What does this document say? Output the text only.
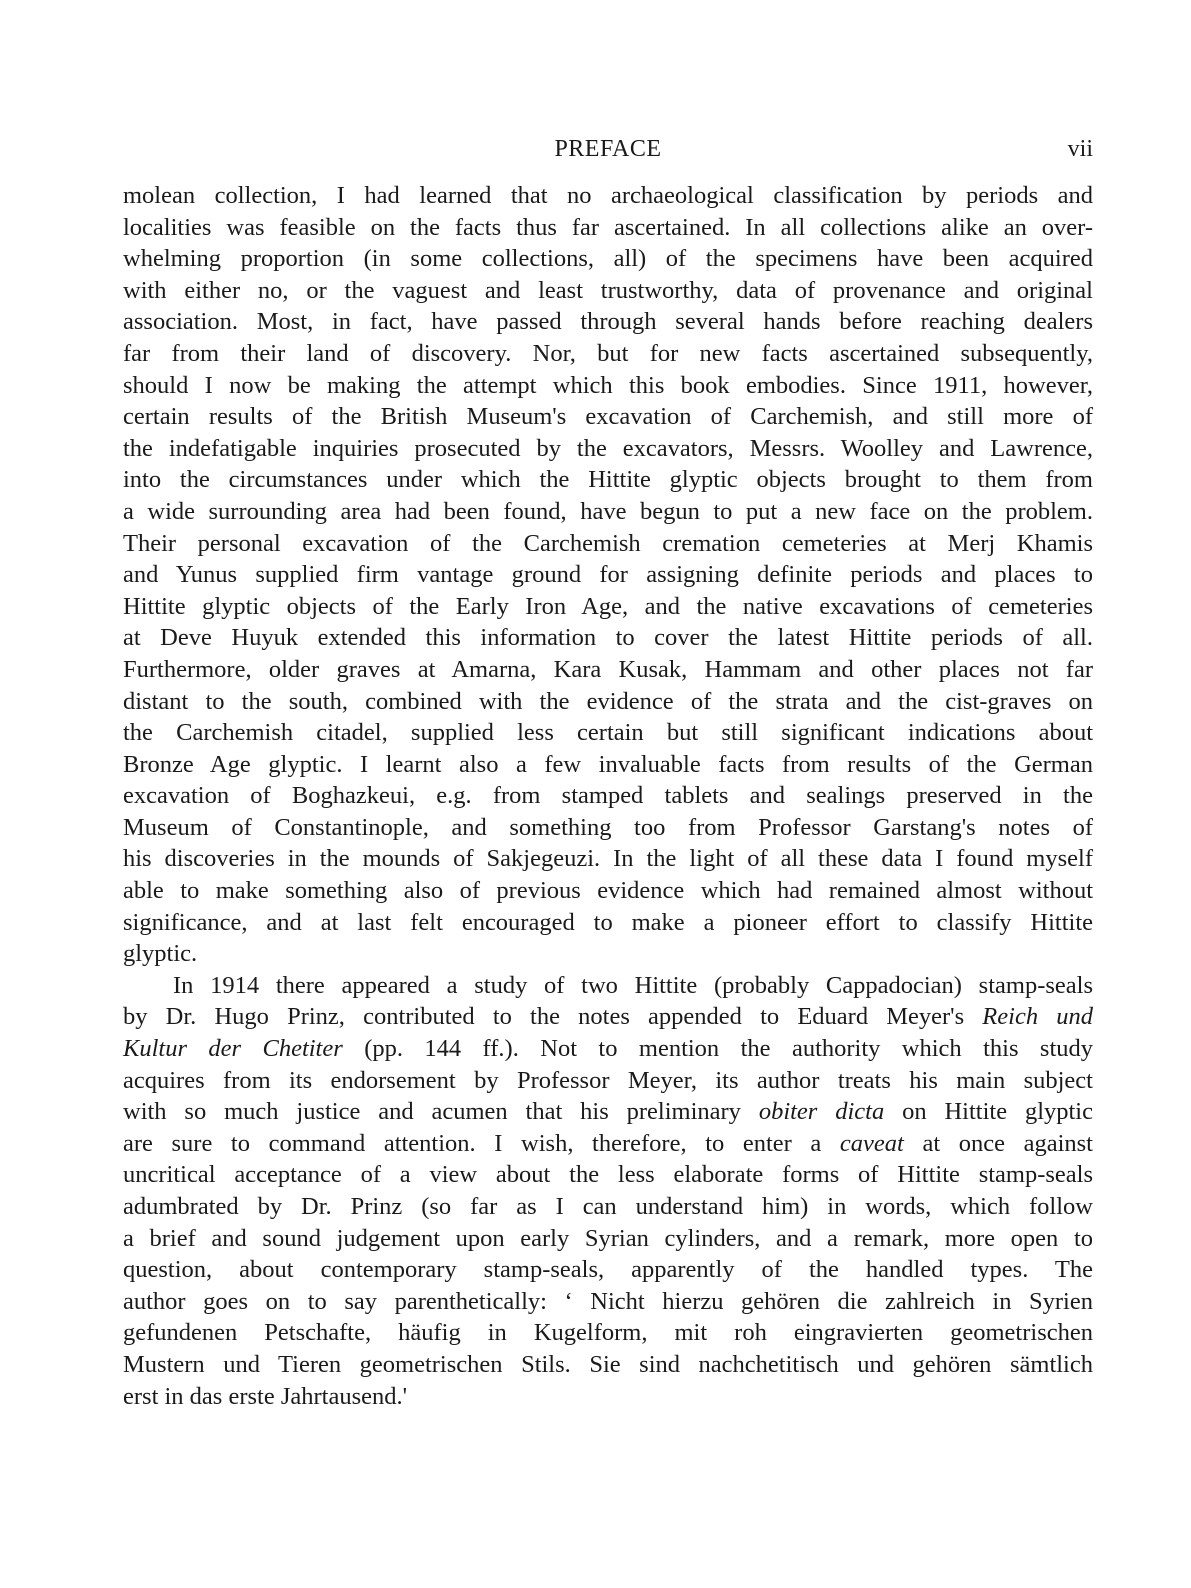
PREFACE	vii
molean collection, I had learned that no archaeological classification by periods and
localities was feasible on the facts thus far ascertained. In all collections alike an over-
whelming proportion (in some collections, all) of the specimens have been acquired
with either no, or the vaguest and least trustworthy, data of provenance and original
association. Most, in fact, have passed through several hands before reaching dealers
far from their land of discovery. Nor, but for new facts ascertained subsequently,
should I now be making the attempt which this book embodies. Since 1911, however,
certain results of the British Museum's excavation of Carchemish, and still more of
the indefatigable inquiries prosecuted by the excavators, Messrs. Woolley and Lawrence,
into the circumstances under which the Hittite glyptic objects brought to them from
a wide surrounding area had been found, have begun to put a new face on the problem.
Their personal excavation of the Carchemish cremation cemeteries at Merj Khamis
and Yunus supplied firm vantage ground for assigning definite periods and places to
Hittite glyptic objects of the Early Iron Age, and the native excavations of cemeteries
at Deve Huyuk extended this information to cover the latest Hittite periods of all.
Furthermore, older graves at Amarna, Kara Kusak, Hammam and other places not far
distant to the south, combined with the evidence of the strata and the cist-graves on
the Carchemish citadel, supplied less certain but still significant indications about
Bronze Age glyptic. I learnt also a few invaluable facts from results of the German
excavation of Boghazkeui, e.g. from stamped tablets and sealings preserved in the
Museum of Constantinople, and something too from Professor Garstang's notes of
his discoveries in the mounds of Sakjegeuzi. In the light of all these data I found myself
able to make something also of previous evidence which had remained almost without
significance, and at last felt encouraged to make a pioneer effort to classify Hittite
glyptic.
In 1914 there appeared a study of two Hittite (probably Cappadocian) stamp-seals
by Dr. Hugo Prinz, contributed to the notes appended to Eduard Meyer's Reich und
Kultur der Chetiter (pp. 144 ff.). Not to mention the authority which this study
acquires from its endorsement by Professor Meyer, its author treats his main subject
with so much justice and acumen that his preliminary obiter dicta on Hittite glyptic
are sure to command attention. I wish, therefore, to enter a caveat at once against
uncritical acceptance of a view about the less elaborate forms of Hittite stamp-seals
adumbrated by Dr. Prinz (so far as I can understand him) in words, which follow
a brief and sound judgement upon early Syrian cylinders, and a remark, more open to
question, about contemporary stamp-seals, apparently of the handled types. The
author goes on to say parenthetically: ‘ Nicht hierzu gehören die zahlreich in Syrien
gefundenen Petschafte, häufig in Kugelform, mit roh eingravierten geometrischen
Mustern und Tieren geometrischen Stils. Sie sind nachchetitisch und gehören sämtlich
erst in das erste Jahrtausend.'
